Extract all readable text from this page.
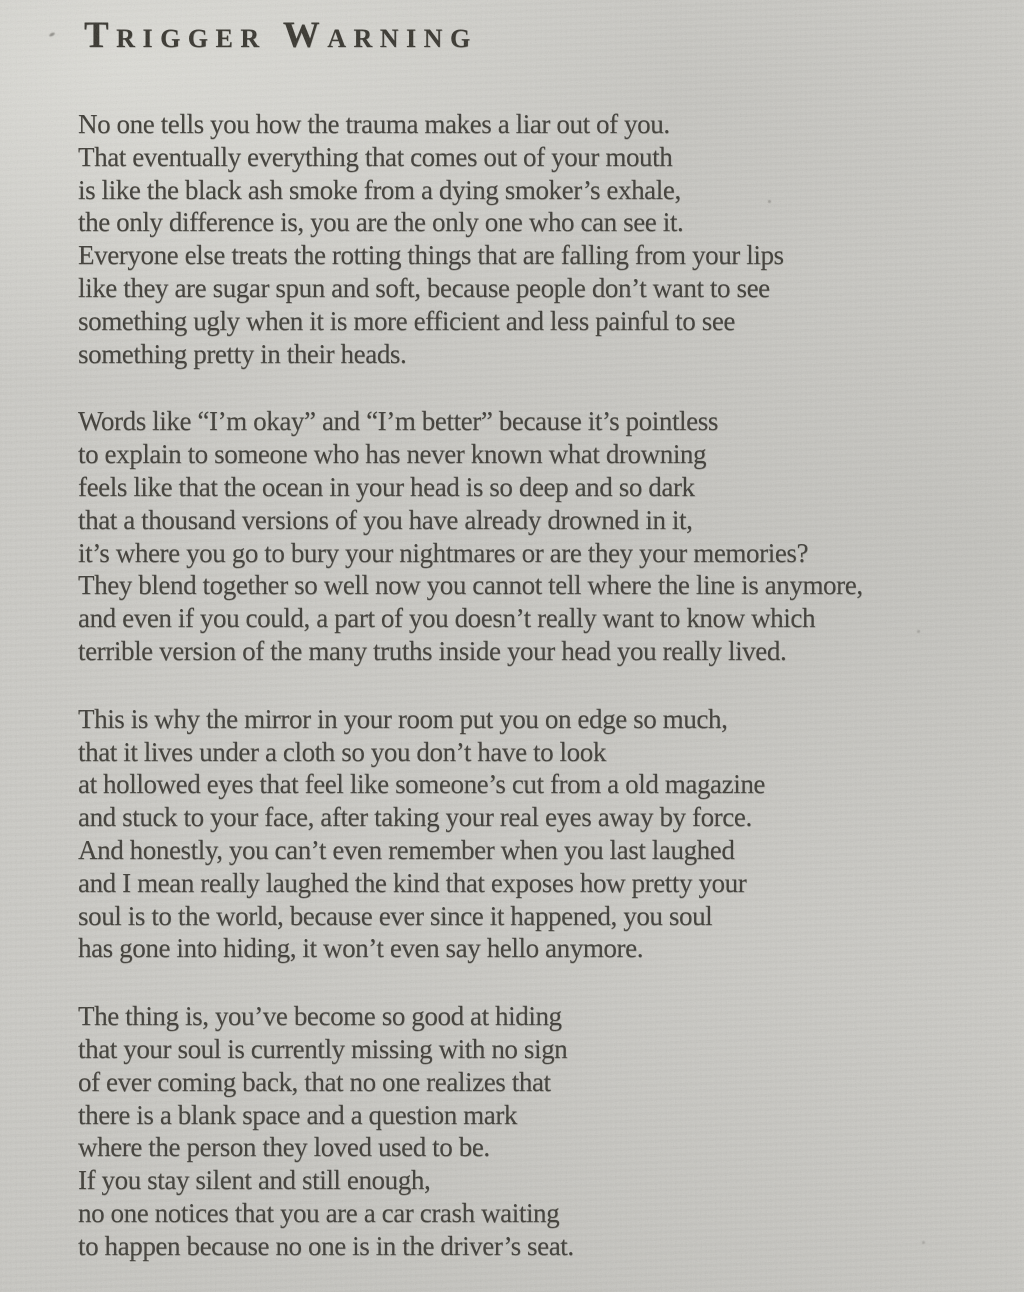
Trigger Warning

No one tells you how the trauma makes a liar out of you.

That eventually everything that comes out of your mouth

is like the black ash smoke from a dying smoker’s exhale,

the only difference is, you are the only one who can see it.

Everyone else treats the rotting things that are falling from your lips

like they are sugar spun and soft, because people don’t want to see

something ugly when it is more efficient and less painful to see

something pretty in their heads.

Words like “I’m okay” and “I’m better” because it’s pointless

to explain to someone who has never known what drowning

feels like that the ocean in your head is so deep and so dark

that a thousand versions of you have already drowned in it,

it’s where you go to bury your nightmares or are they your memories?

They blend together so well now you cannot tell where the line is anymore,

and even if you could, a part of you doesn’t really want to know which

terrible version of the many truths inside your head you really lived.

This is why the mirror in your room put you on edge so much,

that it lives under a cloth so you don’t have to look

at hollowed eyes that feel like someone’s cut from a old magazine

and stuck to your face, after taking your real eyes away by force.

And honestly, you can’t even remember when you last laughed

and I mean really laughed the kind that exposes how pretty your

soul is to the world, because ever since it happened, you soul

has gone into hiding, it won’t even say hello anymore.

The thing is, you’ve become so good at hiding

that your soul is currently missing with no sign

of ever coming back, that no one realizes that

there is a blank space and a question mark

where the person they loved used to be.

If you stay silent and still enough,

no one notices that you are a car crash waiting

to happen because no one is in the driver’s seat.
